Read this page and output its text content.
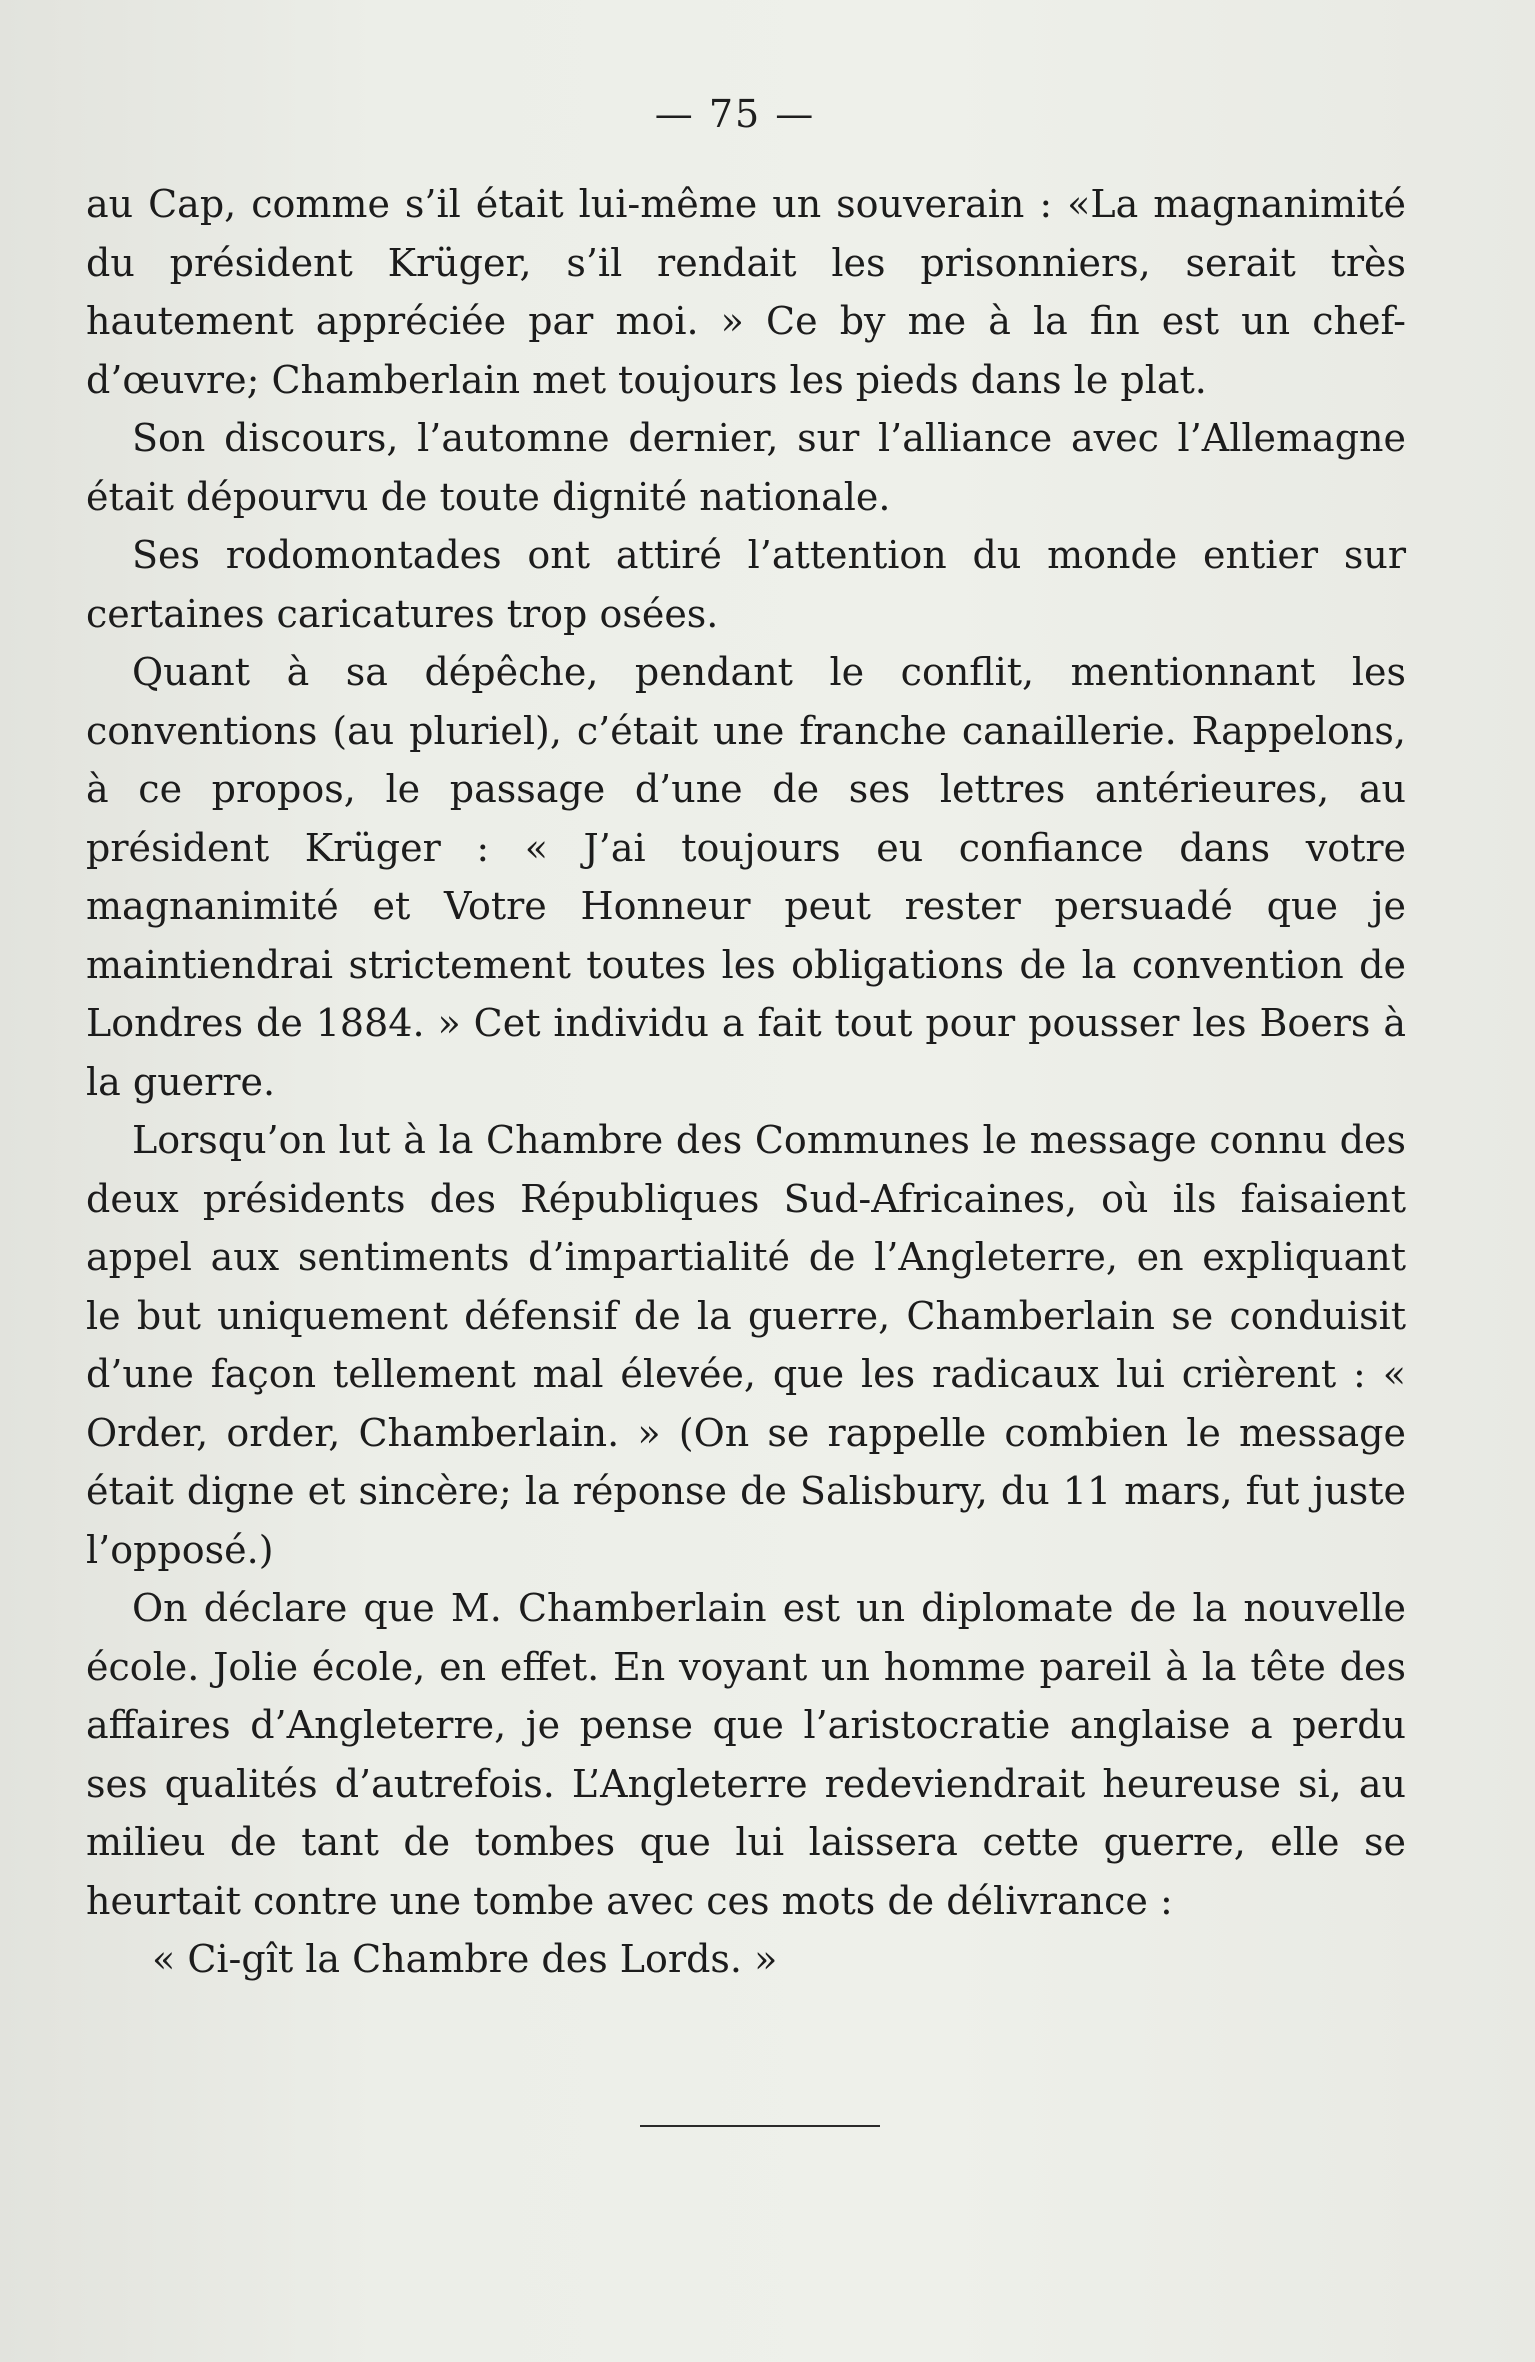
— 75 —

au Cap, comme s’il était lui-même un souverain : «La magnanimité du président Krüger, s’il rendait les prisonniers, serait très hautement appréciée par moi. » Ce by me à la fin est un chef-d’œuvre; Chamberlain met toujours les pieds dans le plat.

Son discours, l’automne dernier, sur l’alliance avec l’Allemagne était dépourvu de toute dignité nationale.

Ses rodomontades ont attiré l’attention du monde entier sur certaines caricatures trop osées.

Quant à sa dépêche, pendant le conflit, mentionnant les conventions (au pluriel), c’était une franche canaillerie. Rappelons, à ce propos, le passage d’une de ses lettres antérieures, au président Krüger : « J’ai toujours eu confiance dans votre magnanimité et Votre Honneur peut rester persuadé que je maintiendrai strictement toutes les obligations de la convention de Londres de 1884. » Cet individu a fait tout pour pousser les Boers à la guerre.

Lorsqu’on lut à la Chambre des Communes le message connu des deux présidents des Républiques Sud-Africaines, où ils faisaient appel aux sentiments d’impartialité de l’Angleterre, en expliquant le but uniquement défensif de la guerre, Chamberlain se conduisit d’une façon tellement mal élevée, que les radicaux lui crièrent : « Order, order, Chamberlain. » (On se rappelle combien le message était digne et sincère; la réponse de Salisbury, du 11 mars, fut juste l’opposé.)

On déclare que M. Chamberlain est un diplomate de la nouvelle école. Jolie école, en effet. En voyant un homme pareil à la tête des affaires d’Angleterre, je pense que l’aristocratie anglaise a perdu ses qualités d’autrefois. L’Angleterre redeviendrait heureuse si, au milieu de tant de tombes que lui laissera cette guerre, elle se heurtait contre une tombe avec ces mots de délivrance :

« Ci-gît la Chambre des Lords. »
